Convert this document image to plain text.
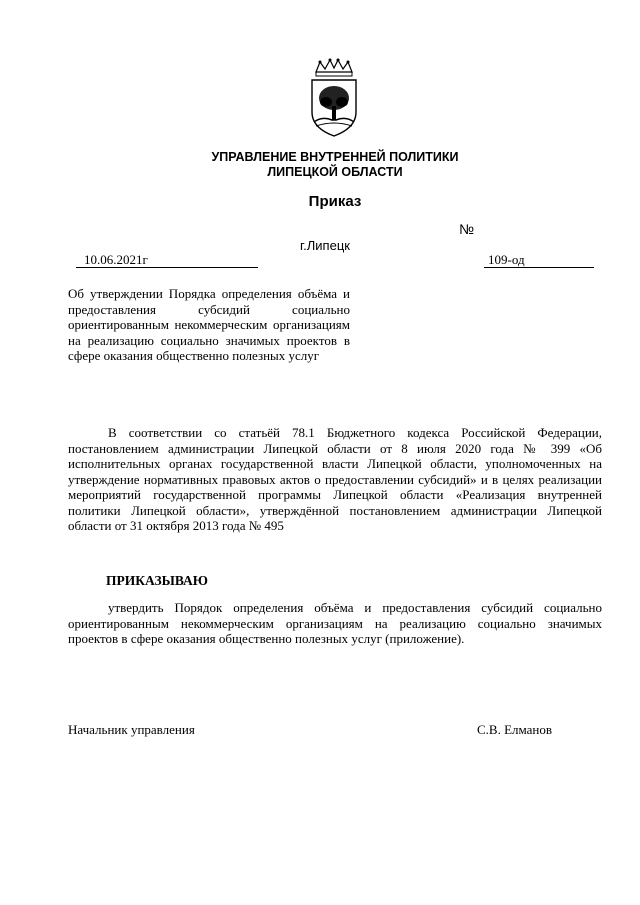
УПРАВЛЕНИЕ ВНУТРЕННЕЙ ПОЛИТИКИ
ЛИПЕЦКОЙ ОБЛАСТИ
Приказ
№
г.Липецк
10.06.2021г	109-од
Об утверждении Порядка определения объёма и предоставления субсидий социально ориентированным некоммерческим организациям на реализацию социально значимых проектов в сфере оказания общественно полезных услуг
В соответствии со статьёй 78.1 Бюджетного кодекса Российской Федерации, постановлением администрации Липецкой области от 8 июля 2020 года № 399 «Об исполнительных органах государственной власти Липецкой области, уполномоченных на утверждение нормативных правовых актов о предоставлении субсидий» и в целях реализации мероприятий государственной программы Липецкой области «Реализация внутренней политики Липецкой области», утверждённой постановлением администрации Липецкой области от 31 октября 2013 года № 495
ПРИКАЗЫВАЮ
утвердить Порядок определения объёма и предоставления субсидий социально ориентированным некоммерческим организациям на реализацию социально значимых проектов в сфере оказания общественно полезных услуг (приложение).
Начальник управления	С.В. Елманов
